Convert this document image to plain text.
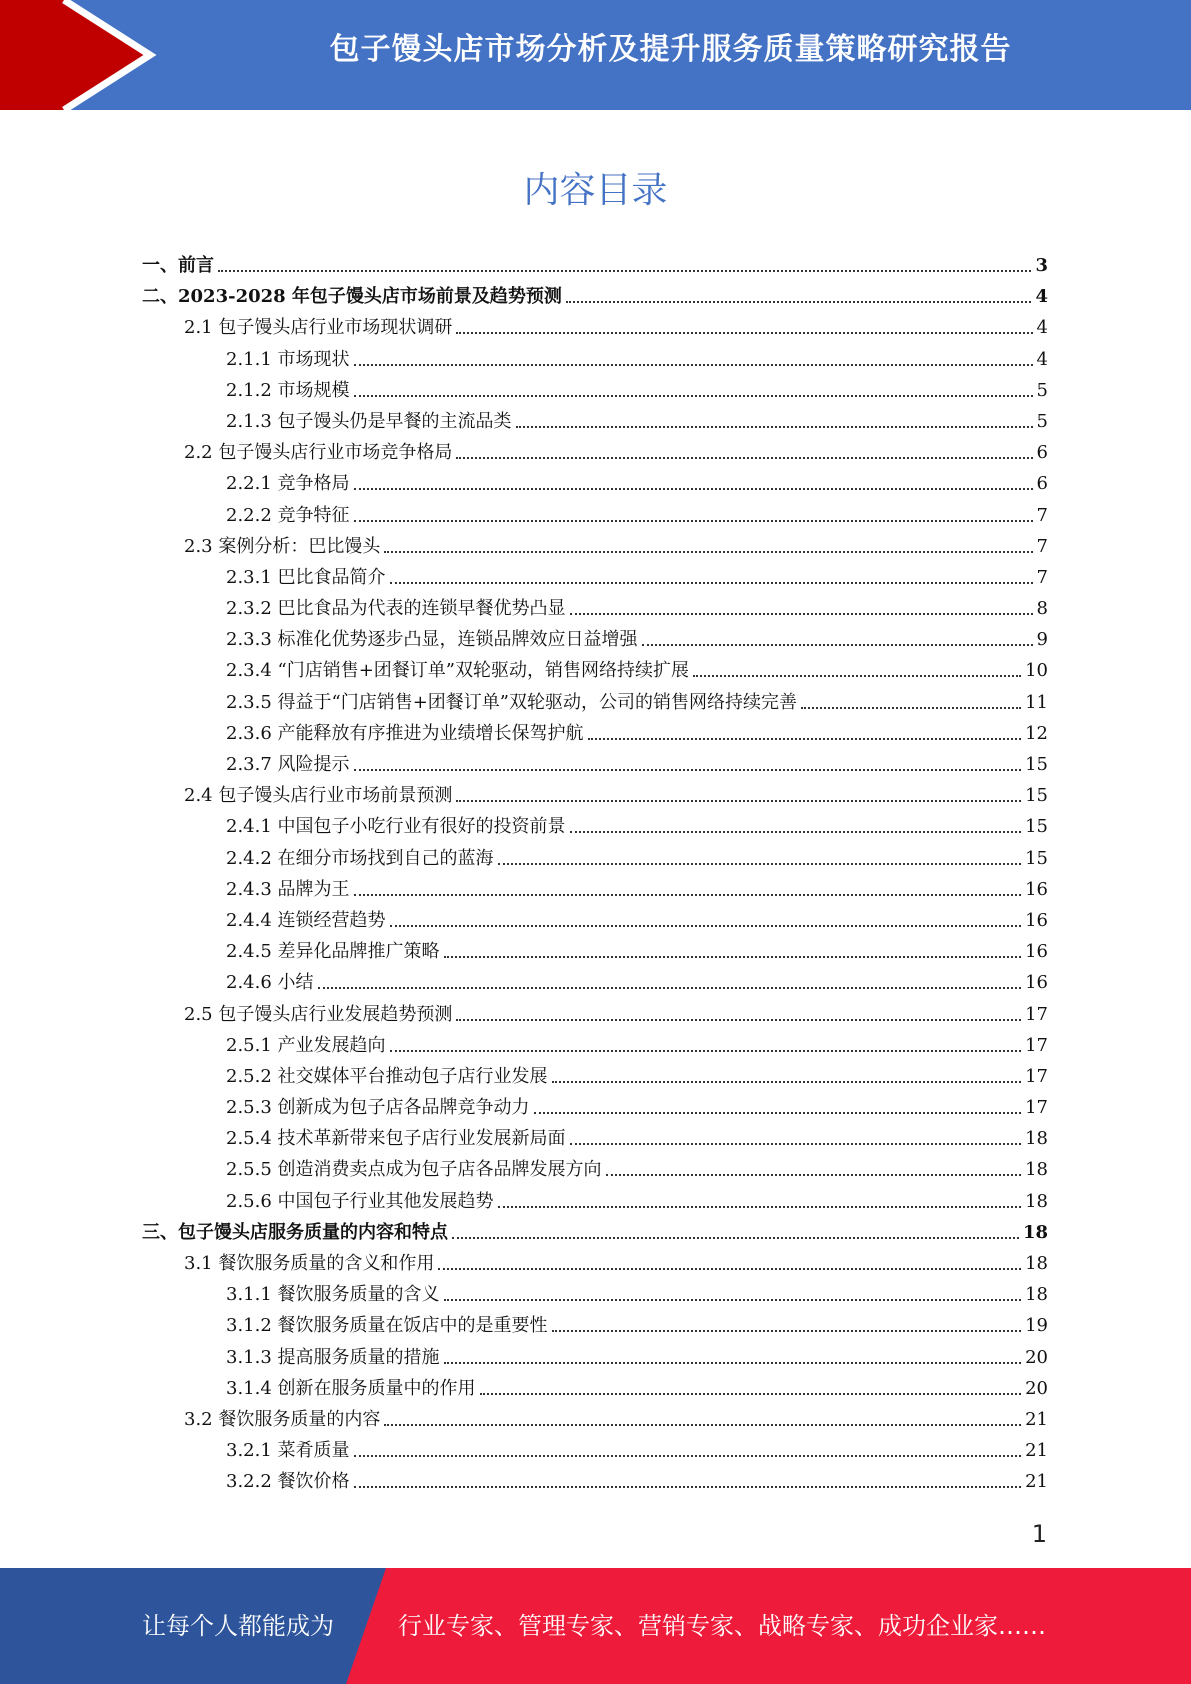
包子馒头店市场分析及提升服务质量策略研究报告
内容目录
一、前言	3
二、2023-2028 年包子馒头店市场前景及趋势预测	4
2.1 包子馒头店行业市场现状调研	4
2.1.1 市场现状	4
2.1.2 市场规模	5
2.1.3 包子馒头仍是早餐的主流品类	5
2.2 包子馒头店行业市场竞争格局	6
2.2.1 竞争格局	6
2.2.2 竞争特征	7
2.3 案例分析：巴比馒头	7
2.3.1 巴比食品简介	7
2.3.2 巴比食品为代表的连锁早餐优势凸显	8
2.3.3 标准化优势逐步凸显，连锁品牌效应日益增强	9
2.3.4 “门店销售+团餐订单”双轮驱动，销售网络持续扩展	10
2.3.5 得益于“门店销售+团餐订单”双轮驱动，公司的销售网络持续完善	11
2.3.6 产能释放有序推进为业绩增长保驾护航	12
2.3.7 风险提示	15
2.4 包子馒头店行业市场前景预测	15
2.4.1 中国包子小吃行业有很好的投资前景	15
2.4.2 在细分市场找到自己的蓝海	15
2.4.3 品牌为王	16
2.4.4 连锁经营趋势	16
2.4.5 差异化品牌推广策略	16
2.4.6 小结	16
2.5 包子馒头店行业发展趋势预测	17
2.5.1 产业发展趋向	17
2.5.2 社交媒体平台推动包子店行业发展	17
2.5.3 创新成为包子店各品牌竞争动力	17
2.5.4 技术革新带来包子店行业发展新局面	18
2.5.5 创造消费卖点成为包子店各品牌发展方向	18
2.5.6 中国包子行业其他发展趋势	18
三、包子馒头店服务质量的内容和特点	18
3.1 餐饮服务质量的含义和作用	18
3.1.1 餐饮服务质量的含义	18
3.1.2 餐饮服务质量在饭店中的是重要性	19
3.1.3 提高服务质量的措施	20
3.1.4 创新在服务质量中的作用	20
3.2 餐饮服务质量的内容	21
3.2.1 菜肴质量	21
3.2.2 餐饮价格	21
1
让每个人都能成为	行业专家、管理专家、营销专家、战略专家、成功企业家……
